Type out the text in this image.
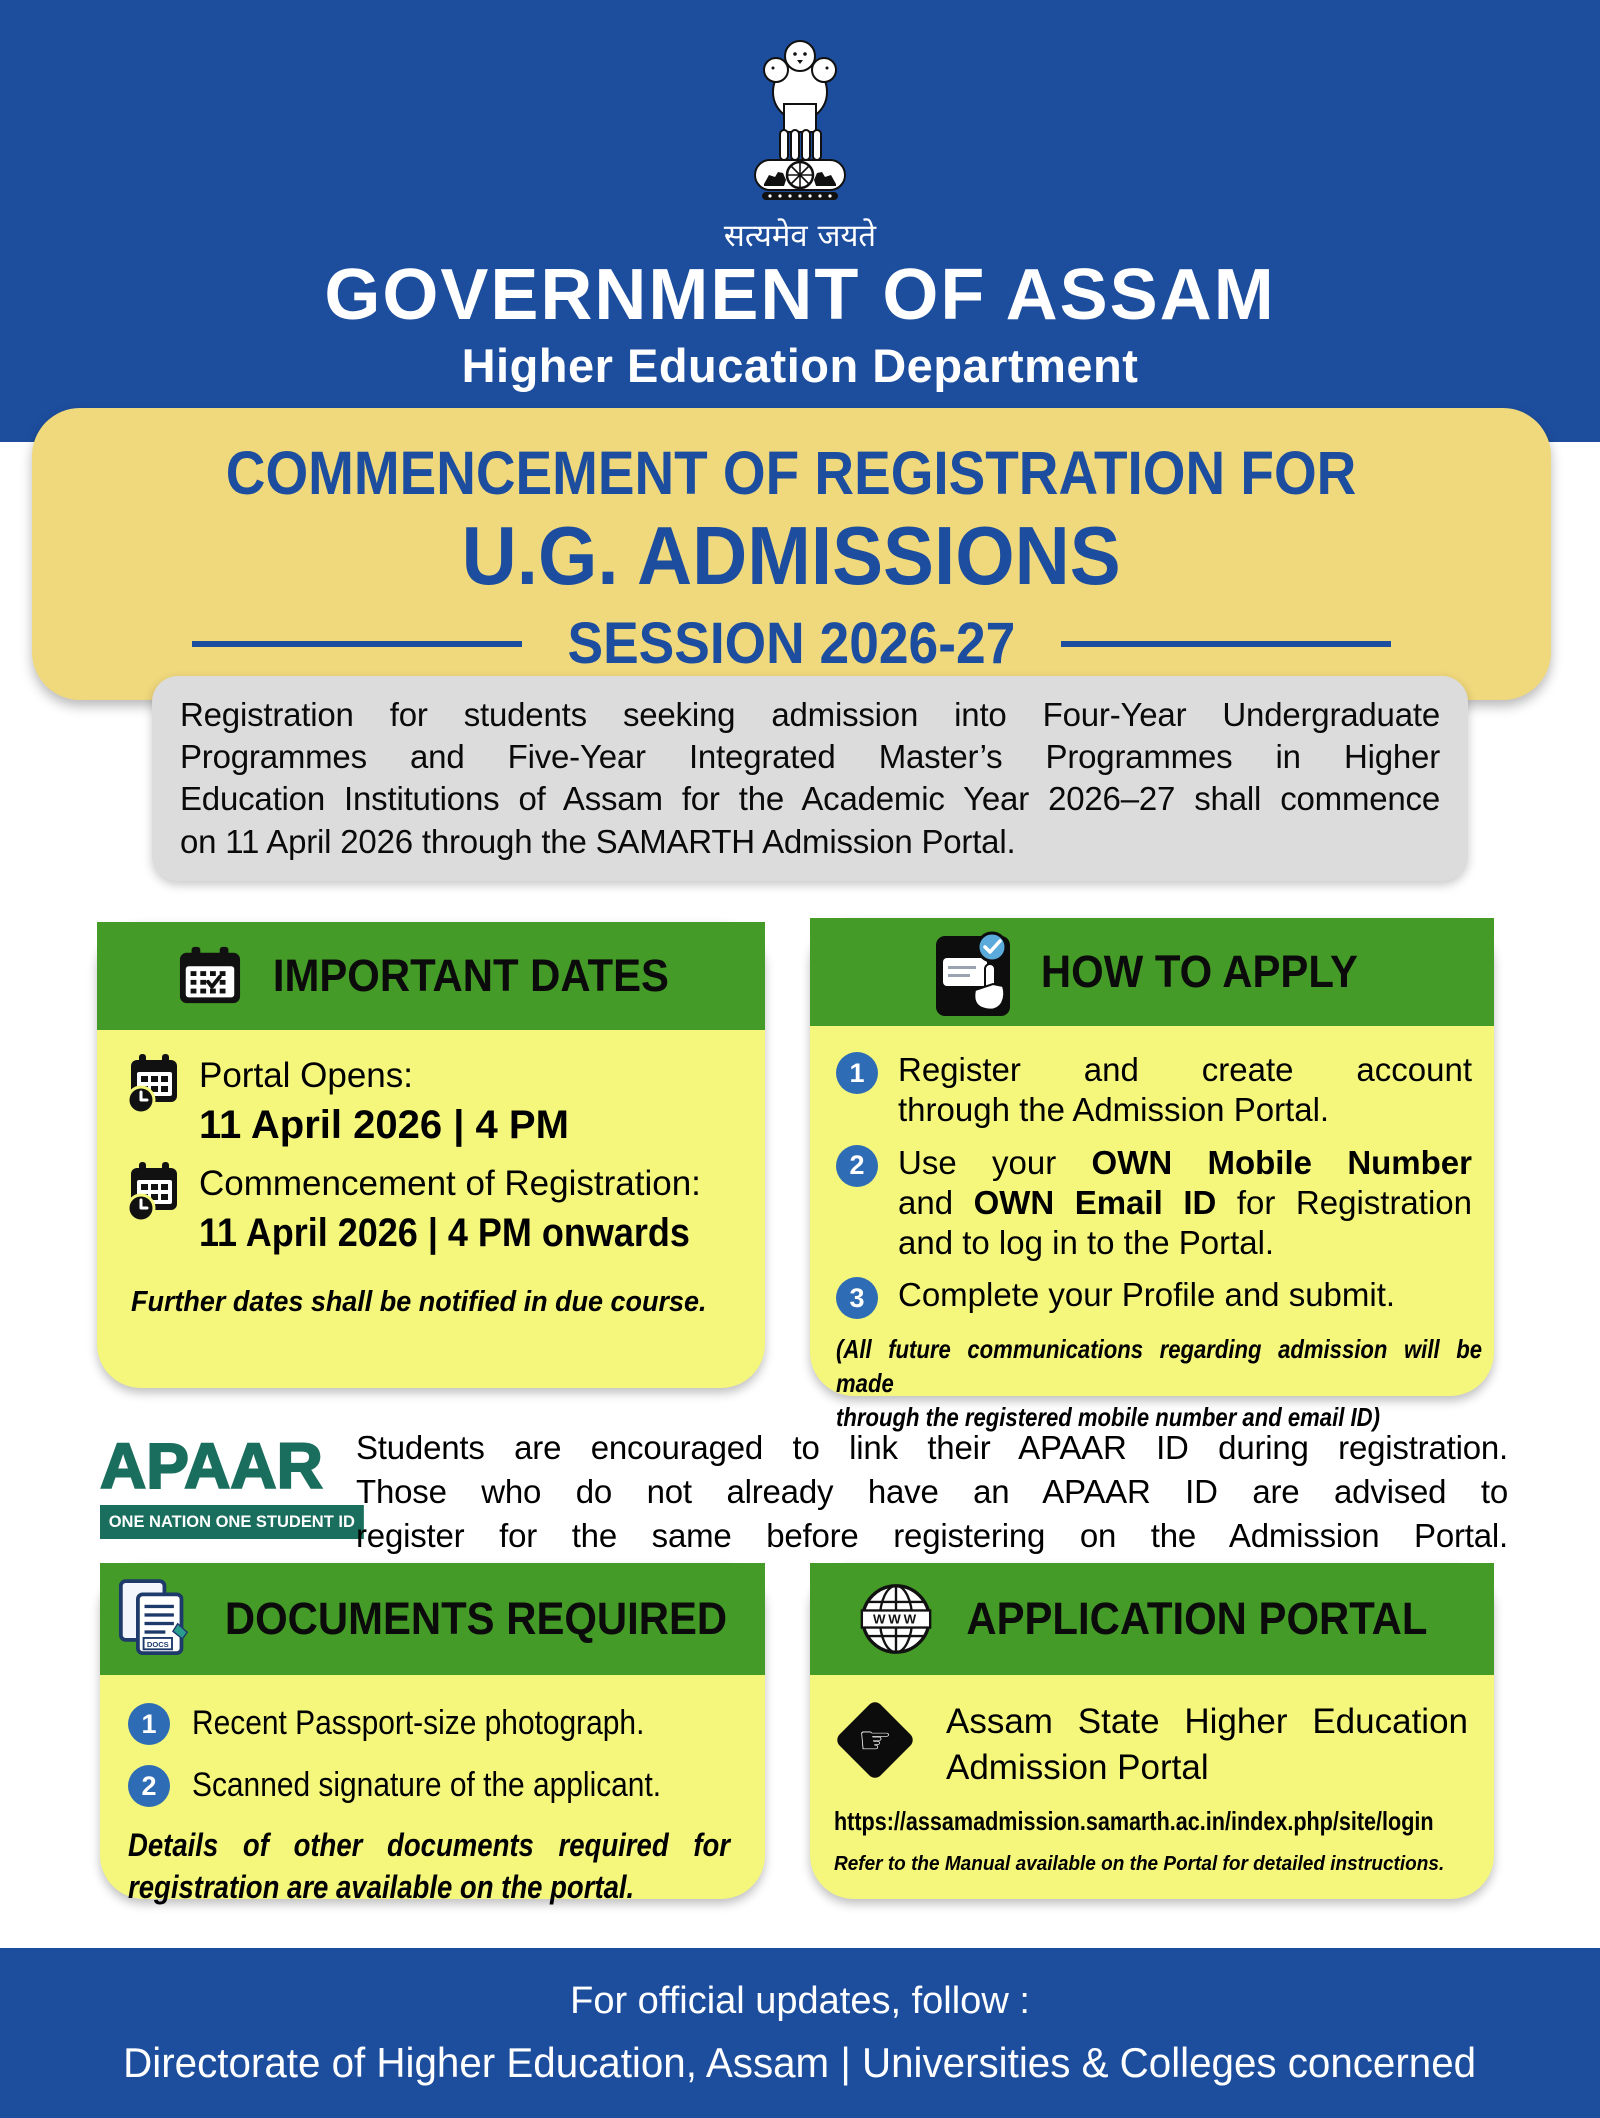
सत्यमेव जयते
GOVERNMENT OF ASSAM
Higher Education Department
COMMENCEMENT OF REGISTRATION FOR
U.G. ADMISSIONS
SESSION 2026-27
Registration for students seeking admission into Four-Year Undergraduate
Programmes and Five-Year Integrated Master’s Programmes in Higher
Education Institutions of Assam for the Academic Year 2026–27 shall commence
on 11 April 2026 through the SAMARTH Admission Portal.
IMPORTANT DATES
Portal Opens:
11 April 2026 | 4 PM
Commencement of Registration:
11 April 2026 | 4 PM onwards
Further dates shall be notified in due course.
HOW TO APPLY
1	Register and create account
through the Admission Portal.
2	Use your OWN Mobile Number
and OWN Email ID for Registration
and to log in to the Portal.
3	Complete your Profile and submit.
(All future communications regarding admission will be made
through the registered mobile number and email ID)
APAAR
ONE NATION ONE STUDENT ID
Students are encouraged to link their APAAR ID during registration.
Those who do not already have an APAAR ID are advised to
register for the same before registering on the Admission Portal.
DOCS
DOCUMENTS REQUIRED
1	Recent Passport-size photograph.
2	Scanned signature of the applicant.
Details of other documents required for
registration are available on the portal.
WWW APPLICATION PORTAL
☞ Assam State Higher Education
Admission Portal
https://assamadmission.samarth.ac.in/index.php/site/login
Refer to the Manual available on the Portal for detailed instructions.
For official updates, follow :
Directorate of Higher Education, Assam | Universities & Colleges concerned
